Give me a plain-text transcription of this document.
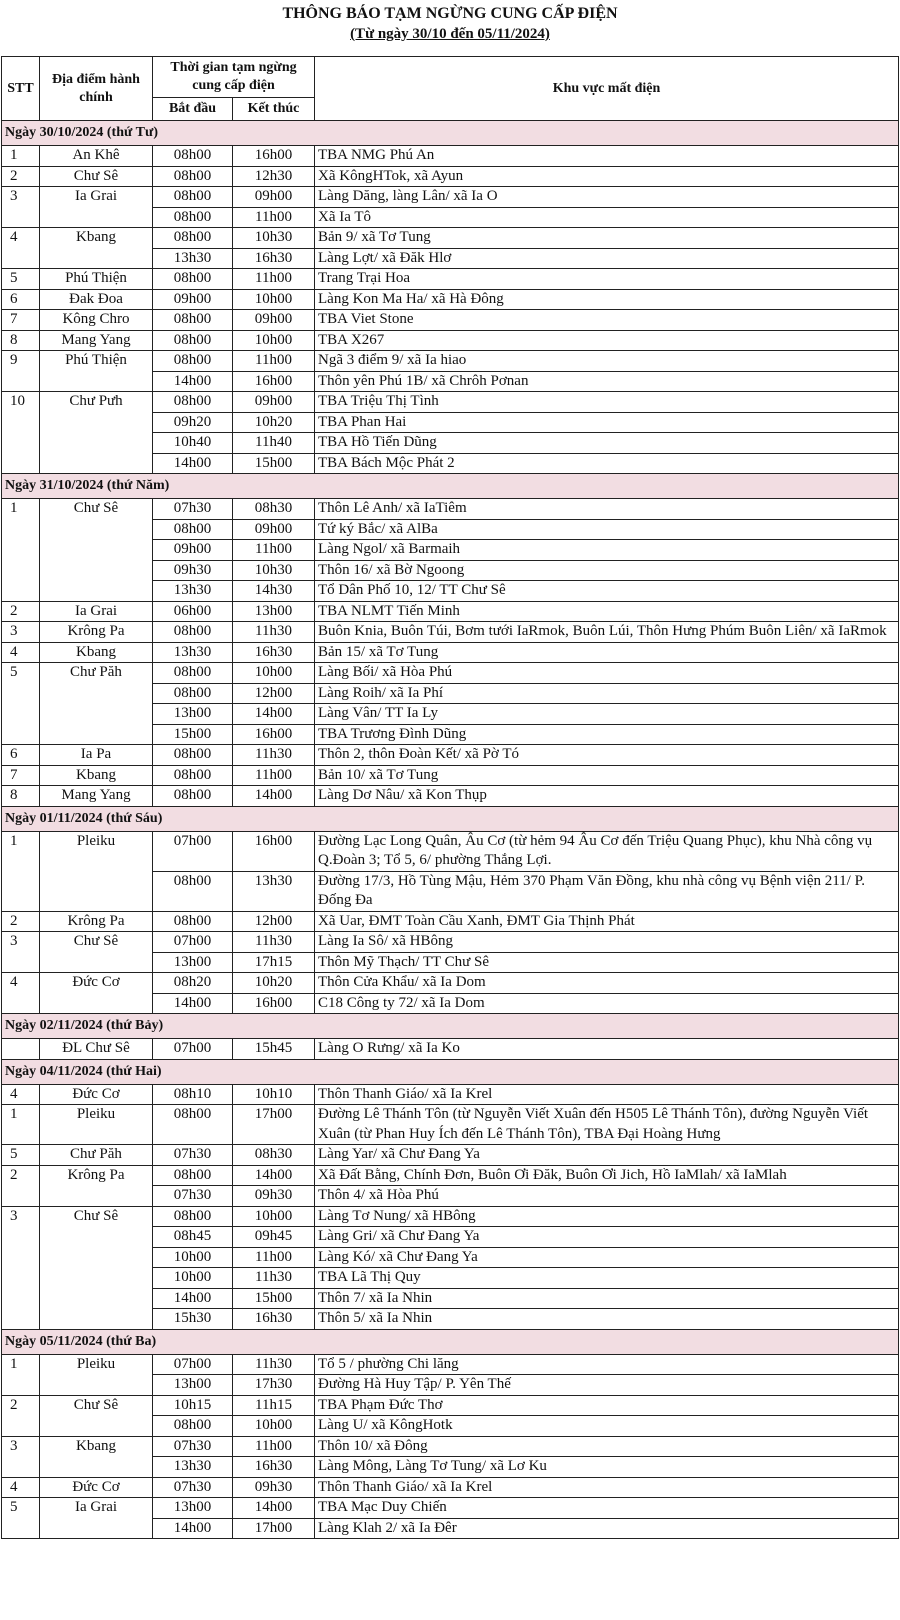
THÔNG BÁO TẠM NGỪNG CUNG CẤP ĐIỆN
(Từ ngày 30/10 đến 05/11/2024)
STT	Địa điểm hành chính	Thời gian tạm ngừng cung cấp điện		Khu vực mất điện
		Bắt đầu	Kết thúc	
Ngày 30/10/2024 (thứ Tư)				
1	An Khê	08h00	16h00	TBA NMG Phú An
2	Chư Sê	08h00	12h30	Xã KôngHTok, xã Ayun
3	Ia Grai	08h00	09h00	Làng Dăng, làng Lân/ xã Ia O
		08h00	11h00	Xã Ia Tô
4	Kbang	08h00	10h30	Bản 9/ xã Tơ Tung
		13h30	16h30	Làng Lợt/ xã Đăk Hlơ
5	Phú Thiện	08h00	11h00	Trang Trại Hoa
6	Đak Đoa	09h00	10h00	Làng Kon Ma Ha/ xã Hà Đông
7	Kông Chro	08h00	09h00	TBA Viet Stone
8	Mang Yang	08h00	10h00	TBA X267
9	Phú Thiện	08h00	11h00	Ngã 3 điểm 9/ xã Ia hiao
		14h00	16h00	Thôn yên Phú 1B/ xã Chrôh Pơnan
10	Chư Pưh	08h00	09h00	TBA Triệu Thị Tình
		09h20	10h20	TBA Phan Hai
		10h40	11h40	TBA Hồ Tiến Dũng
		14h00	15h00	TBA Bách Mộc Phát 2
Ngày 31/10/2024 (thứ Năm)				
1	Chư Sê	07h30	08h30	Thôn Lê Anh/ xã IaTiêm
		08h00	09h00	Tứ ký Bắc/ xã AlBa
		09h00	11h00	Làng Ngol/ xã Barmaih
		09h30	10h30	Thôn 16/ xã Bờ Ngoong
		13h30	14h30	Tổ Dân Phố 10, 12/ TT Chư Sê
2	Ia Grai	06h00	13h00	TBA NLMT Tiến Minh
3	Krông Pa	08h00	11h30	Buôn Knia, Buôn Túi, Bơm tưới IaRmok, Buôn Lúi, Thôn Hưng Phúm Buôn Liên/ xã IaRmok
4	Kbang	13h30	16h30	Bản 15/ xã Tơ Tung
5	Chư Păh	08h00	10h00	Làng Bối/ xã Hòa Phú
		08h00	12h00	Làng Roih/ xã Ia Phí
		13h00	14h00	Làng Vân/ TT Ia Ly
		15h00	16h00	TBA Trương Đình Dũng
6	Ia Pa	08h00	11h30	Thôn 2, thôn Đoàn Kết/ xã Pờ Tó
7	Kbang	08h00	11h00	Bản 10/ xã Tơ Tung
8	Mang Yang	08h00	14h00	Làng Dơ Nâu/ xã Kon Thụp
Ngày 01/11/2024 (thứ Sáu)				
1	Pleiku	07h00	16h00	Đường Lạc Long Quân, Âu Cơ (từ hẻm 94 Âu Cơ đến Triệu Quang Phục), khu Nhà công vụ Q.Đoàn 3; Tổ 5, 6/ phường Thắng Lợi.
		08h00	13h30	Đường 17/3, Hồ Tùng Mậu, Hẻm 370 Phạm Văn Đồng, khu nhà công vụ Bệnh viện 211/ P. Đống Đa
2	Krông Pa	08h00	12h00	Xã Uar, ĐMT Toàn Cầu Xanh, ĐMT Gia Thịnh Phát
3	Chư Sê	07h00	11h30	Làng Ia Sô/ xã HBông
		13h00	17h15	Thôn Mỹ Thạch/ TT Chư Sê
4	Đức Cơ	08h20	10h20	Thôn Cửa Khẩu/ xã Ia Dom
		14h00	16h00	C18 Công ty 72/ xã Ia Dom
Ngày 02/11/2024 (thứ Bảy)				
	ĐL Chư Sê	07h00	15h45	Làng O Rưng/ xã Ia Ko
Ngày 04/11/2024 (thứ Hai)				
4	Đức Cơ	08h10	10h10	Thôn Thanh Giáo/ xã Ia Krel
1	Pleiku	08h00	17h00	Đường Lê Thánh Tôn (từ Nguyễn Viết Xuân đến H505 Lê Thánh Tôn), đường Nguyễn Viết Xuân (từ Phan Huy Ích đến Lê Thánh Tôn), TBA Đại Hoàng Hưng
5	Chư Păh	07h30	08h30	Làng Yar/ xã Chư Đang Ya
2	Krông Pa	08h00	14h00	Xã Đất Bằng, Chính Đơn, Buôn Ơi Đăk, Buôn Ơi Jich, Hồ IaMlah/ xã IaMlah
		07h30	09h30	Thôn 4/ xã Hòa Phú
3	Chư Sê	08h00	10h00	Làng Tơ Nung/ xã HBông
		08h45	09h45	Làng Gri/ xã Chư Đang Ya
		10h00	11h00	Làng Kó/ xã Chư Đang Ya
		10h00	11h30	TBA Lã Thị Quy
		14h00	15h00	Thôn 7/ xã Ia Nhin
		15h30	16h30	Thôn 5/ xã Ia Nhin
Ngày 05/11/2024 (thứ Ba)				
1	Pleiku	07h00	11h30	Tổ 5 / phường Chi lăng
		13h00	17h30	Đường Hà Huy Tập/ P. Yên Thế
2	Chư Sê	10h15	11h15	TBA Phạm Đức Thơ
		08h00	10h00	Làng U/ xã KôngHotk
3	Kbang	07h30	11h00	Thôn 10/ xã Đông
		13h30	16h30	Làng Mông, Làng Tơ Tung/ xã Lơ Ku
4	Đức Cơ	07h30	09h30	Thôn Thanh Giáo/ xã Ia Krel
5	Ia Grai	13h00	14h00	TBA Mạc Duy Chiến
		14h00	17h00	Làng Klah 2/ xã Ia Đêr
